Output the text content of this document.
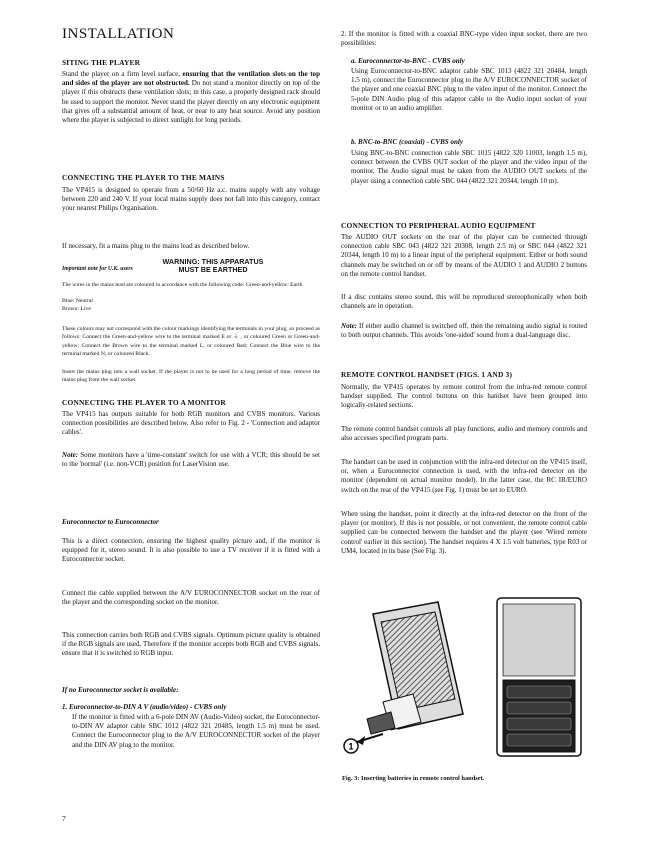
INSTALLATION
SITING THE PLAYER
Stand the player on a firm level surface, ensuring that the ventilation slots on the top and sides of the player are not obstructed. Do not stand a monitor directly on top of the player if this obstructs these ventilation slots; in this case, a properly designed rack should be used to support the monitor. Never stand the player directly on any electronic equipment that gives off a substantial amount of heat, or near to any heat source. Avoid any position where the player is subjected to direct sunlight for long periods.
CONNECTING THE PLAYER TO THE MAINS
The VP415 is designed to operate from a 50/60 Hz a.c. mains supply with any voltage between 220 and 240 V. If your local mains supply does not fall into this category, contact your nearest Philips Organisation.
If necessary, fit a mains plug to the mains lead as described below.
Important note for U.K. users
WARNING: THIS APPARATUS
MUST BE EARTHED
The wires in the mains lead are coloured in accordance with the following code: Green-and-yellow: Earth
Blue: Neutral
Brown: Live
These colours may not correspond with the colour markings identifying the terminals in your plug, so proceed as follows: Connect the Green-and-yellow wire to the terminal marked E or ⏚ , or coloured Green or Green-and-yellow; Connect the Brown wire to the terminal marked L, or coloured Red; Connect the Blue wire to the terminal marked N, or coloured Black.
Insert the mains plug into a wall socket. If the player is not to be used for a long period of time, remove the mains plug from the wall socket.
CONNECTING THE PLAYER TO A MONITOR
The VP415 has outputs suitable for both RGB monitors and CVBS monitors. Various connection possibilities are described below. Also refer to Fig. 2 - 'Connection and adaptor cables'.
Note: Some monitors have a 'time-constant' switch for use with a VCR; this should be set to the 'normal' (i.e. non-VCR) position for LaserVision use.
Euroconnector to Euroconnector
This is a direct connection, ensuring the highest quality picture and, if the monitor is equipped for it, stereo sound. It is also possible to use a TV receiver if it is fitted with a Euroconnector socket.
Connect the cable supplied between the A/V EUROCONNECTOR socket on the rear of the player and the corresponding socket on the monitor.
This connection carries both RGB and CVBS signals. Optimum picture quality is obtained if the RGB signals are used. Therefore if the monitor accepts both RGB and CVBS signals, ensure that it is switched to RGB input.
If no Euroconnector socket is available:
1. Euroconnector-to-DIN A V (audio/video) - CVBS only
If the monitor is fitted with a 6-pole DIN AV (Audio-Video) socket, the Euroconnector-to-DIN AV adaptor cable SBC 1012 (4822 321 20485, length 1.5 m) must be used. Connect the Euroconnector plug to the A/V EUROCONNECTOR socket of the player and the DIN AV plug to the monitor.
2. If the monitor is fitted with a coaxial BNC-type video input socket, there are two possibilities:
a. Euroconnector-to-BNC - CVBS only
Using Euroconnector-to-BNC adaptor cable SBC 1013 (4822 321 20484, length 1.5 m), connect the Euroconnector plug to the A/V EUROCONNECTOR socket of the player and one coaxial BNC plug to the video input of the monitor. Connect the 5-pole DIN Audio plug of this adaptor cable to the Audio input socket of your monitor or to an audio amplifier.
b. BNC-to-BNC (coaxial) - CVBS only
Using BNC-to-BNC connection cable SBC 1015 (4822 320 11003, length 1.5 m), connect between the CVBS OUT socket of the player and the video input of the monitor. The Audio signal must be taken from the AUDIO OUT sockets of the player using a connection cable SBC 044 (4822 321 20344, length 10 m).
CONNECTION TO PERIPHERAL AUDIO EQUIPMENT
The AUDIO OUT sockets on the rear of the player can be connected through connection cable SBC 043 (4822 321 20308, length 2.5 m) or SBC 044 (4822 321 20344, length 10 m) to a linear input of the peripheral equipment. Either or both sound channels may be switched on or off by means of the AUDIO 1 and AUDIO 2 buttons on the remote control handset.
If a disc contains stereo sound, this will be reproduced stereophonically when both channels are in operation.
Note: If either audio channel is switched off, then the remaining audio signal is routed to both output channels. This avoids 'one-sided' sound from a dual-language disc.
REMOTE CONTROL HANDSET (FIGS. 1 AND 3)
Normally, the VP415 operates by remote control from the infra-red remote control handset supplied. The control buttons on this handset have been grouped into logically-related sections.
The remote control handset controls all play functions, audio and memory controls and also accesses specified program parts.
The handset can be used in conjunction with the infra-red detector on the VP415 itself, or, when a Euroconnector connection is used, with the infra-red detector on the monitor (dependent on actual monitor model). In the latter case, the RC IR/EURO switch on the rear of the VP415 (see Fig. 1) must be set to EURO.
When using the handset, point it directly at the infra-red detector on the front of the player (or monitor). If this is not possible, or not convenient, the remote control cable supplied can be connected between the handset and the player (see 'Wired remote control' earlier in this section). The handset requires 4 X 1.5 volt batteries, type R03 or UM4, located in its base (See Fig. 3).
1
Fig. 3: Inserting batteries in remote control handset.
7
